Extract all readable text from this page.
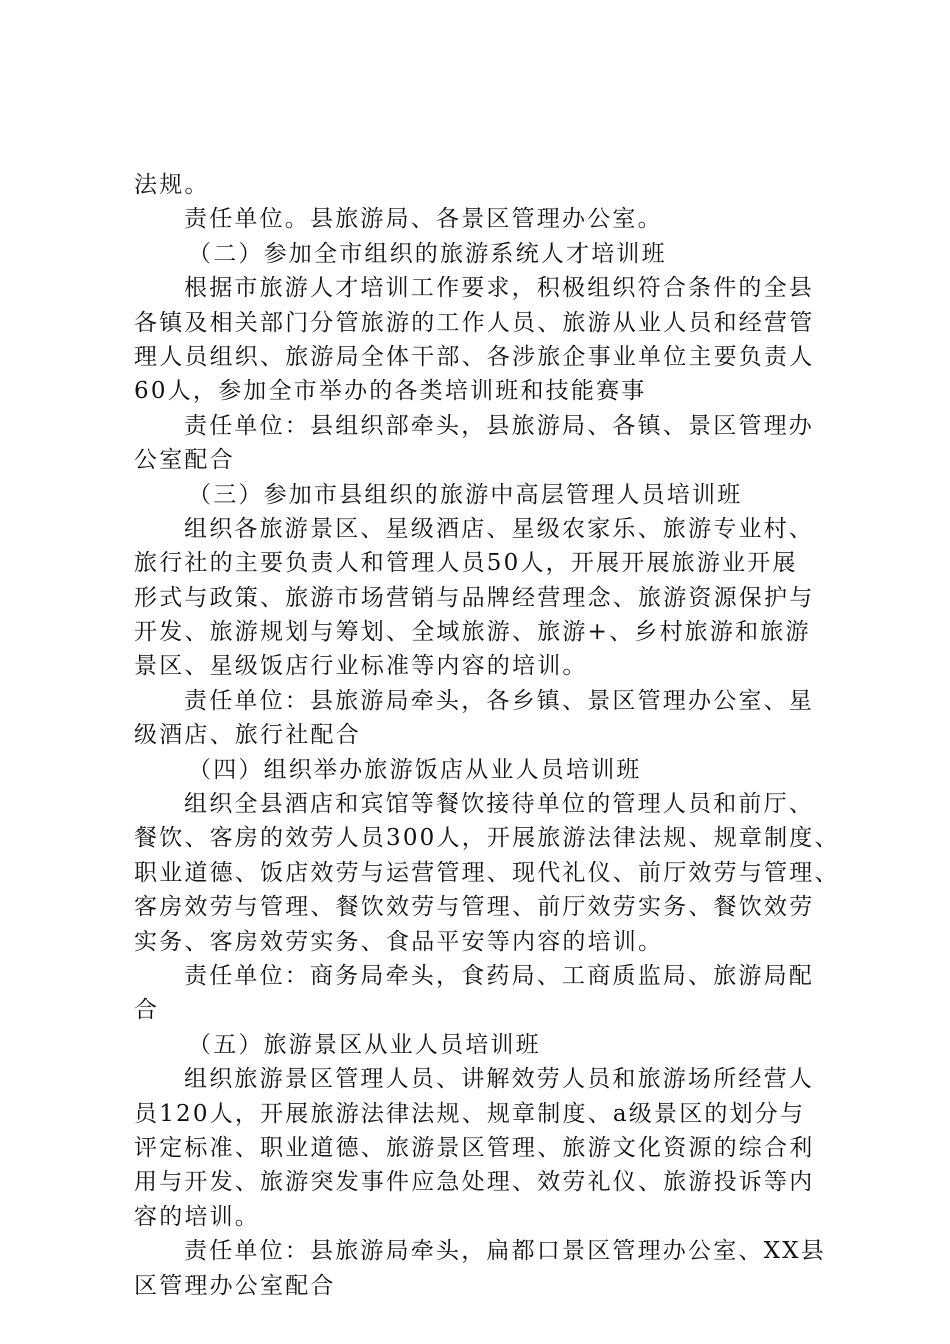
法规。
责任单位。县旅游局、各景区管理办公室。
（二）参加全市组织的旅游系统人才培训班
根据市旅游人才培训工作要求，积极组织符合条件的全县
各镇及相关部门分管旅游的工作人员、旅游从业人员和经营管
理人员组织、旅游局全体干部、各涉旅企事业单位主要负责人
60人，参加全市举办的各类培训班和技能赛事
责任单位：县组织部牵头，县旅游局、各镇、景区管理办
公室配合
（三）参加市县组织的旅游中高层管理人员培训班
组织各旅游景区、星级酒店、星级农家乐、旅游专业村、
旅行社的主要负责人和管理人员50人，开展开展旅游业开展
形式与政策、旅游市场营销与品牌经营理念、旅游资源保护与
开发、旅游规划与筹划、全域旅游、旅游+、乡村旅游和旅游
景区、星级饭店行业标准等内容的培训。
责任单位：县旅游局牵头，各乡镇、景区管理办公室、星
级酒店、旅行社配合
（四）组织举办旅游饭店从业人员培训班
组织全县酒店和宾馆等餐饮接待单位的管理人员和前厅、
餐饮、客房的效劳人员300人，开展旅游法律法规、规章制度、
职业道德、饭店效劳与运营管理、现代礼仪、前厅效劳与管理、
客房效劳与管理、餐饮效劳与管理、前厅效劳实务、餐饮效劳
实务、客房效劳实务、食品平安等内容的培训。
责任单位：商务局牵头，食药局、工商质监局、旅游局配
合
（五）旅游景区从业人员培训班
组织旅游景区管理人员、讲解效劳人员和旅游场所经营人
员120人，开展旅游法律法规、规章制度、a级景区的划分与
评定标准、职业道德、旅游景区管理、旅游文化资源的综合利
用与开发、旅游突发事件应急处理、效劳礼仪、旅游投诉等内
容的培训。
责任单位：县旅游局牵头，扁都口景区管理办公室、XX县
区管理办公室配合
